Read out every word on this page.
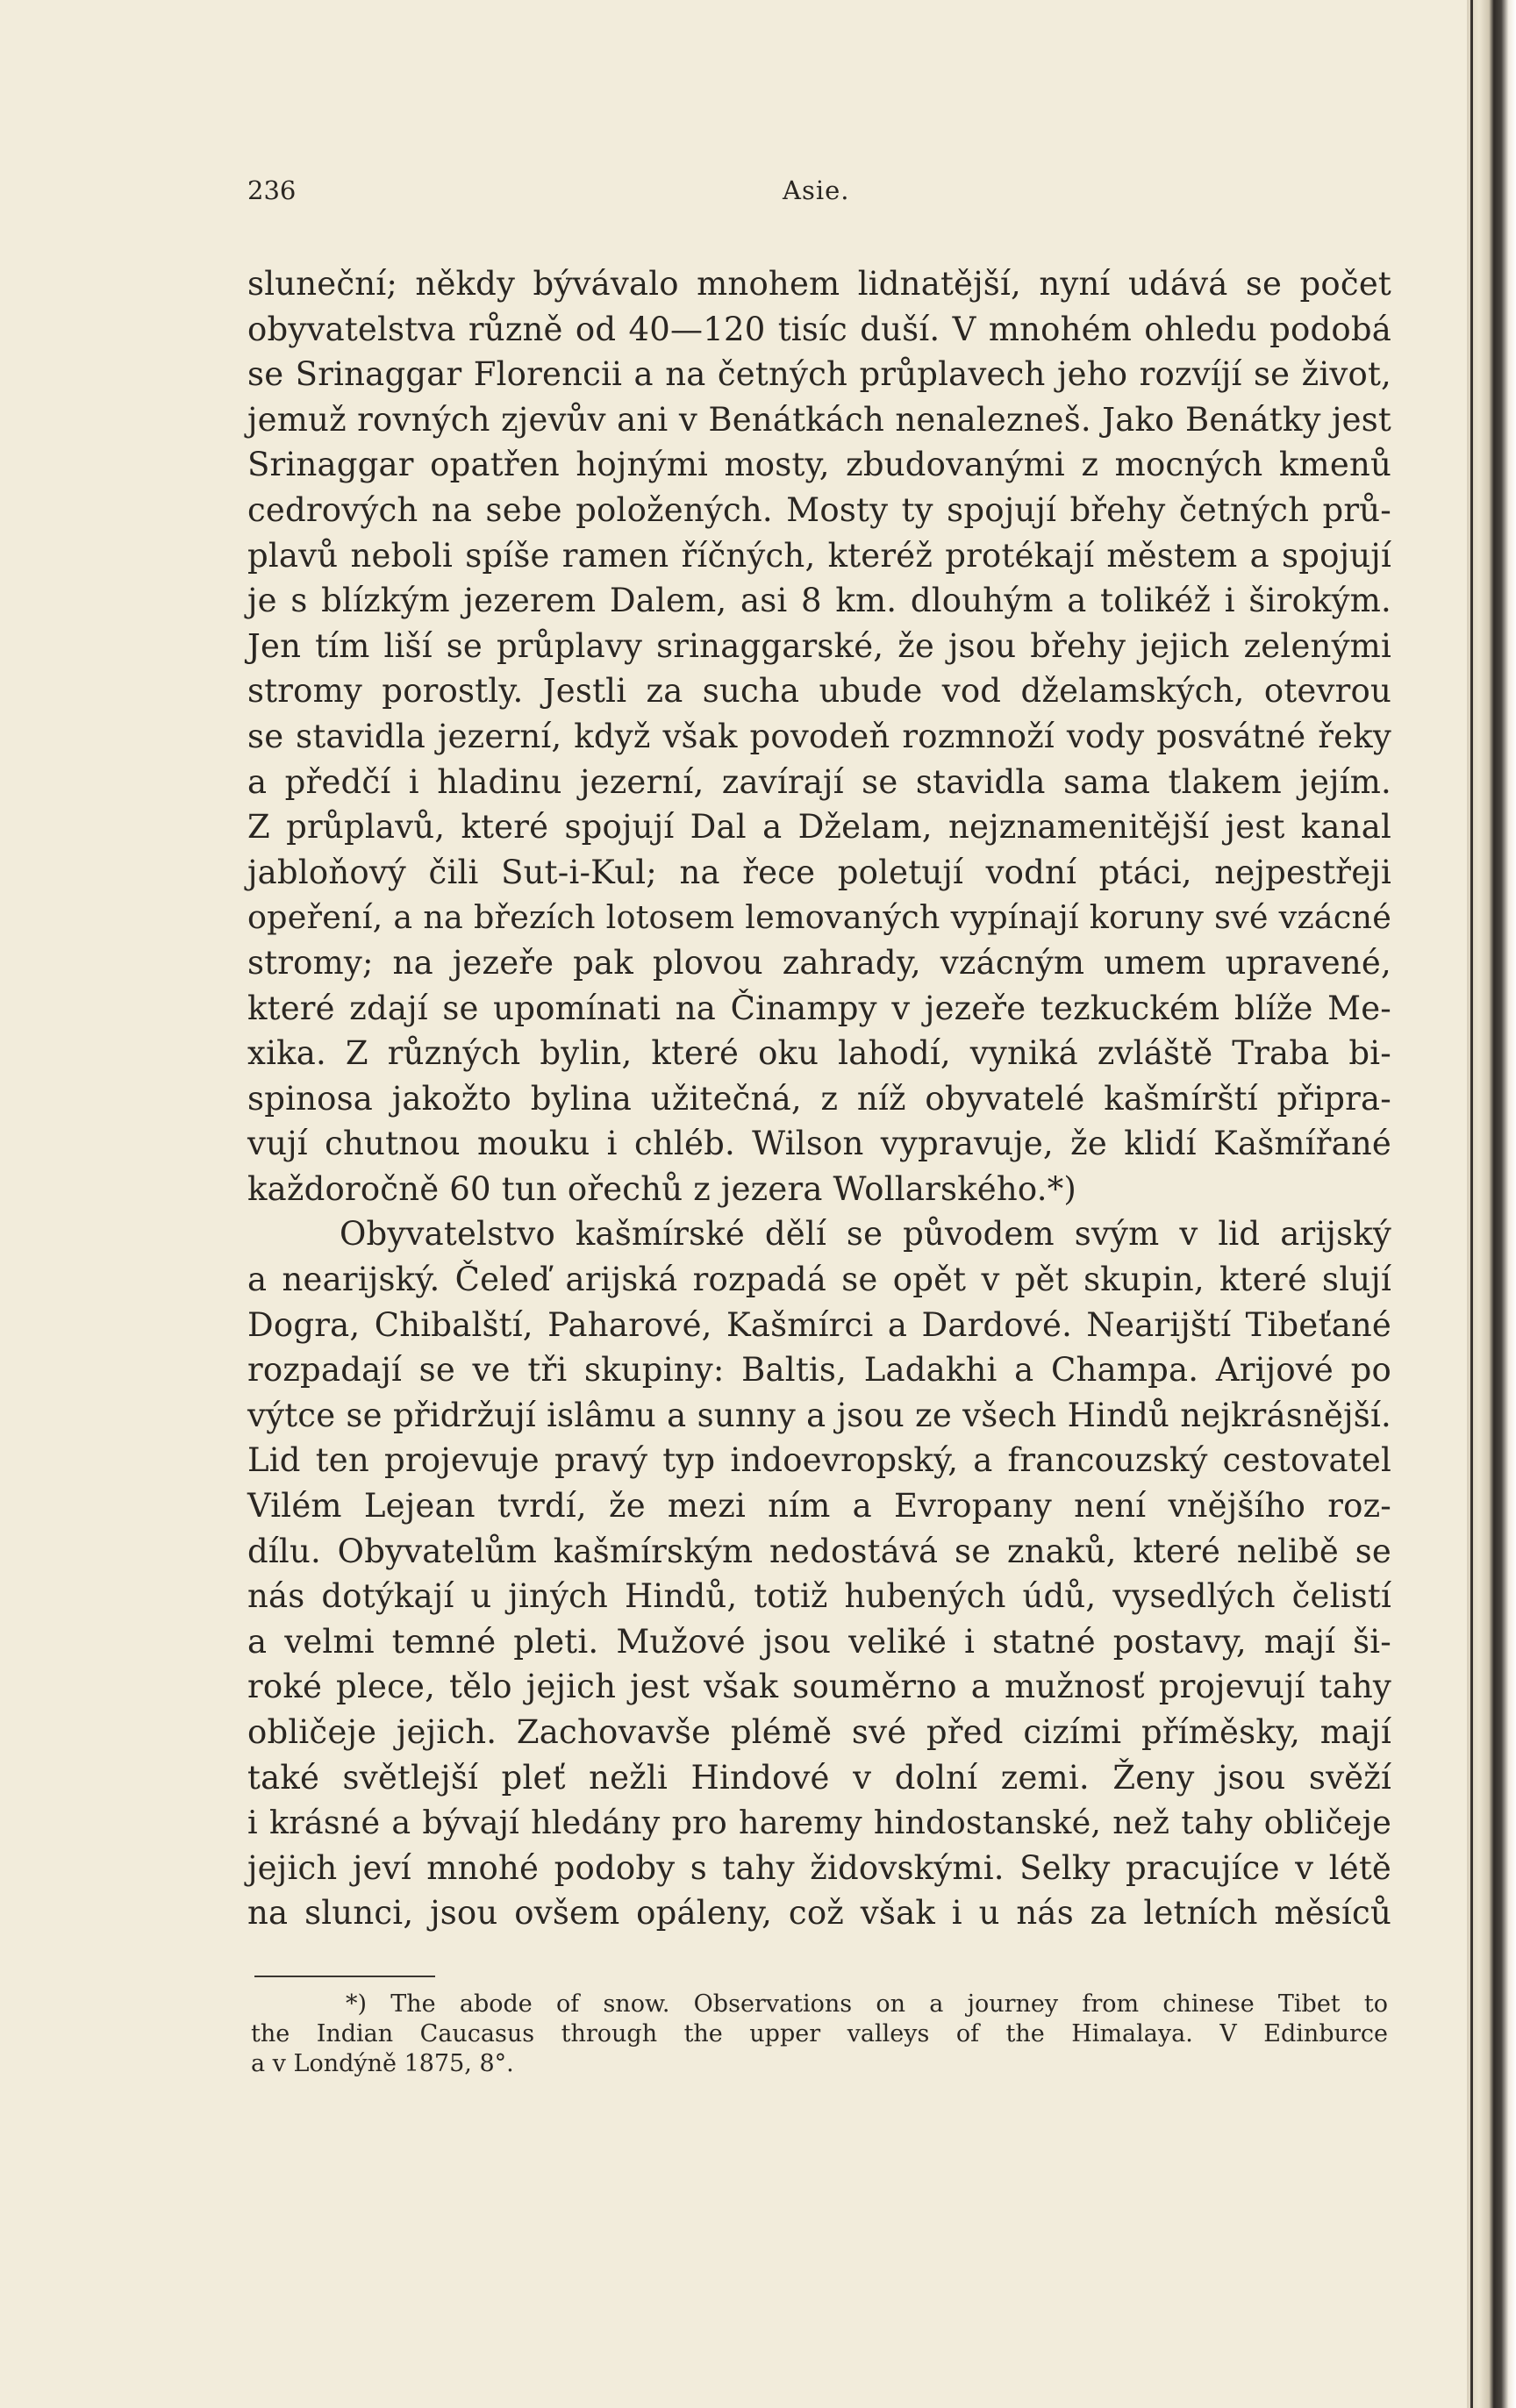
236	Asie.
sluneční; někdy bývávalo mnohem lidnatější, nyní udává se počet
obyvatelstva různě od 40—120 tisíc duší. V mnohém ohledu podobá
se Srinaggar Florencii a na četných průplavech jeho rozvíjí se život,
jemuž rovných zjevův ani v Benátkách nenalezneš. Jako Benátky jest
Srinaggar opatřen hojnými mosty, zbudovanými z mocných kmenů
cedrových na sebe položených. Mosty ty spojují břehy četných prů-
plavů neboli spíše ramen říčných, kteréž protékají městem a spojují
je s blízkým jezerem Dalem, asi 8 km. dlouhým a tolikéž i širokým.
Jen tím liší se průplavy srinaggarské, že jsou břehy jejich zelenými
stromy porostly. Jestli za sucha ubude vod dželamských, otevrou
se stavidla jezerní, když však povodeň rozmnoží vody posvátné řeky
a předčí i hladinu jezerní, zavírají se stavidla sama tlakem jejím.
Z průplavů, které spojují Dal a Dželam, nejznamenitější jest kanal
jabloňový čili Sut-i-Kul; na řece poletují vodní ptáci, nejpestřeji
opeření, a na březích lotosem lemovaných vypínají koruny své vzácné
stromy; na jezeře pak plovou zahrady, vzácným umem upravené,
které zdají se upomínati na Činampy v jezeře tezkuckém blíže Me-
xika. Z různých bylin, které oku lahodí, vyniká zvláště Traba bi-
spinosa jakožto bylina užitečná, z níž obyvatelé kašmírští připra-
vují chutnou mouku i chléb. Wilson vypravuje, že klidí Kašmířané
každoročně 60 tun ořechů z jezera Wollarského.*)
Obyvatelstvo kašmírské dělí se původem svým v lid arijský
a nearijský. Čeleď arijská rozpadá se opět v pět skupin, které slují
Dogra, Chibalští, Paharové, Kašmírci a Dardové. Nearijští Tibeťané
rozpadají se ve tři skupiny: Baltis, Ladakhi a Champa. Arijové po
výtce se přidržují islâmu a sunny a jsou ze všech Hindů nejkrásnější.
Lid ten projevuje pravý typ indoevropský, a francouzský cestovatel
Vilém Lejean tvrdí, že mezi ním a Evropany není vnějšího roz-
dílu. Obyvatelům kašmírským nedostává se znaků, které nelibě se
nás dotýkají u jiných Hindů, totiž hubených údů, vysedlých čelistí
a velmi temné pleti. Mužové jsou veliké i statné postavy, mají ši-
roké plece, tělo jejich jest však souměrno a mužnosť projevují tahy
obličeje jejich. Zachovavše plémě své před cizími příměsky, mají
také světlejší pleť nežli Hindové v dolní zemi. Ženy jsou svěží
i krásné a bývají hledány pro haremy hindostanské, než tahy obličeje
jejich jeví mnohé podoby s tahy židovskými. Selky pracujíce v létě
na slunci, jsou ovšem opáleny, což však i u nás za letních měsíců
*) The abode of snow. Observations on a journey from chinese Tibet to
the Indian Caucasus through the upper valleys of the Himalaya. V Edinburce
a v Londýně 1875, 8°.
